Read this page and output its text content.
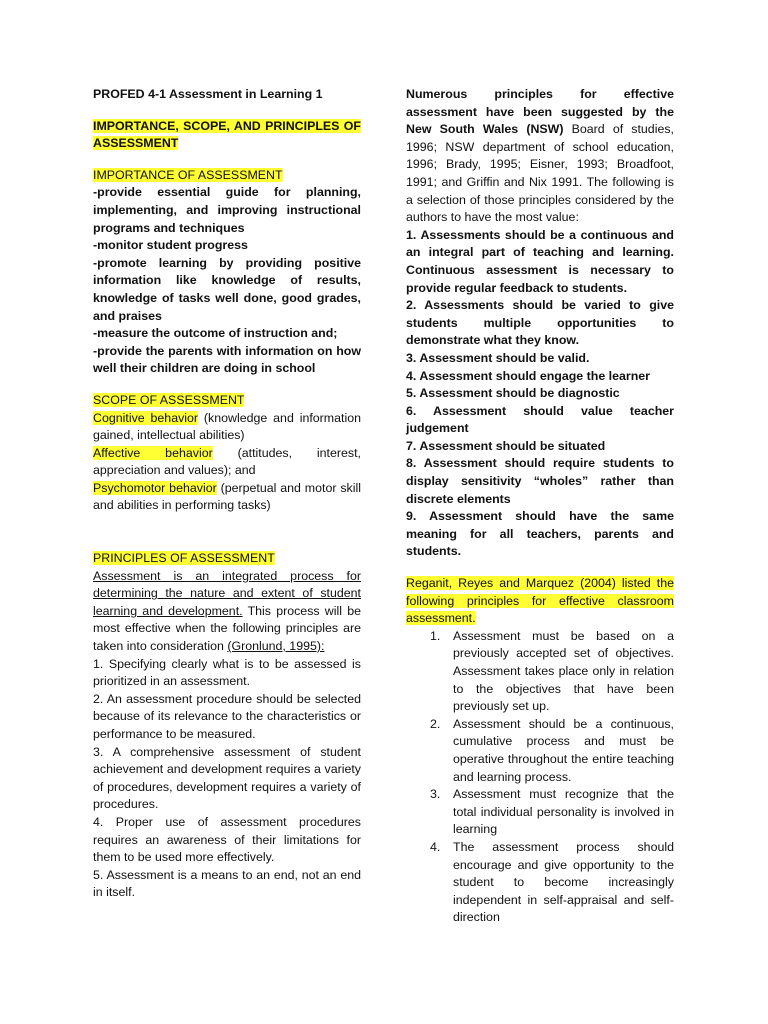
PROFED 4-1 Assessment in Learning 1

IMPORTANCE, SCOPE, AND PRINCIPLES OF ASSESSMENT

IMPORTANCE OF ASSESSMENT

-provide essential guide for planning, implementing, and improving instructional programs and techniques

-monitor student progress

-promote learning by providing positive information like knowledge of results, knowledge of tasks well done, good grades, and praises

-measure the outcome of instruction and;

-provide the parents with information on how well their children are doing in school

SCOPE OF ASSESSMENT

Cognitive behavior (knowledge and information gained, intellectual abilities)

Affective behavior (attitudes, interest, appreciation and values); and

Psychomotor behavior (perpetual and motor skill and abilities in performing tasks)

PRINCIPLES OF ASSESSMENT

Assessment is an integrated process for determining the nature and extent of student learning and development. This process will be most effective when the following principles are taken into consideration (Gronlund, 1995):

1. Specifying clearly what is to be assessed is prioritized in an assessment.

2. An assessment procedure should be selected because of its relevance to the characteristics or performance to be measured.

3. A comprehensive assessment of student achievement and development requires a variety of procedures, development requires a variety of procedures.

4. Proper use of assessment procedures requires an awareness of their limitations for them to be used more effectively.

5. Assessment is a means to an end, not an end in itself.

Numerous principles for effective assessment have been suggested by the New South Wales (NSW) Board of studies, 1996; NSW department of school education, 1996; Brady, 1995; Eisner, 1993; Broadfoot, 1991; and Griffin and Nix 1991. The following is a selection of those principles considered by the authors to have the most value:

1. Assessments should be a continuous and an integral part of teaching and learning. Continuous assessment is necessary to provide regular feedback to students.

2. Assessments should be varied to give students multiple opportunities to demonstrate what they know.

3. Assessment should be valid.

4. Assessment should engage the learner

5. Assessment should be diagnostic

6. Assessment should value teacher judgement

7. Assessment should be situated

8. Assessment should require students to display sensitivity “wholes” rather than discrete elements

9. Assessment should have the same meaning for all teachers, parents and students.

Reganit, Reyes and Marquez (2004) listed the following principles for effective classroom assessment.

1. Assessment must be based on a previously accepted set of objectives. Assessment takes place only in relation to the objectives that have been previously set up.
2. Assessment should be a continuous, cumulative process and must be operative throughout the entire teaching and learning process.
3. Assessment must recognize that the total individual personality is involved in learning
4. The assessment process should encourage and give opportunity to the student to become increasingly independent in self-appraisal and self-direction
